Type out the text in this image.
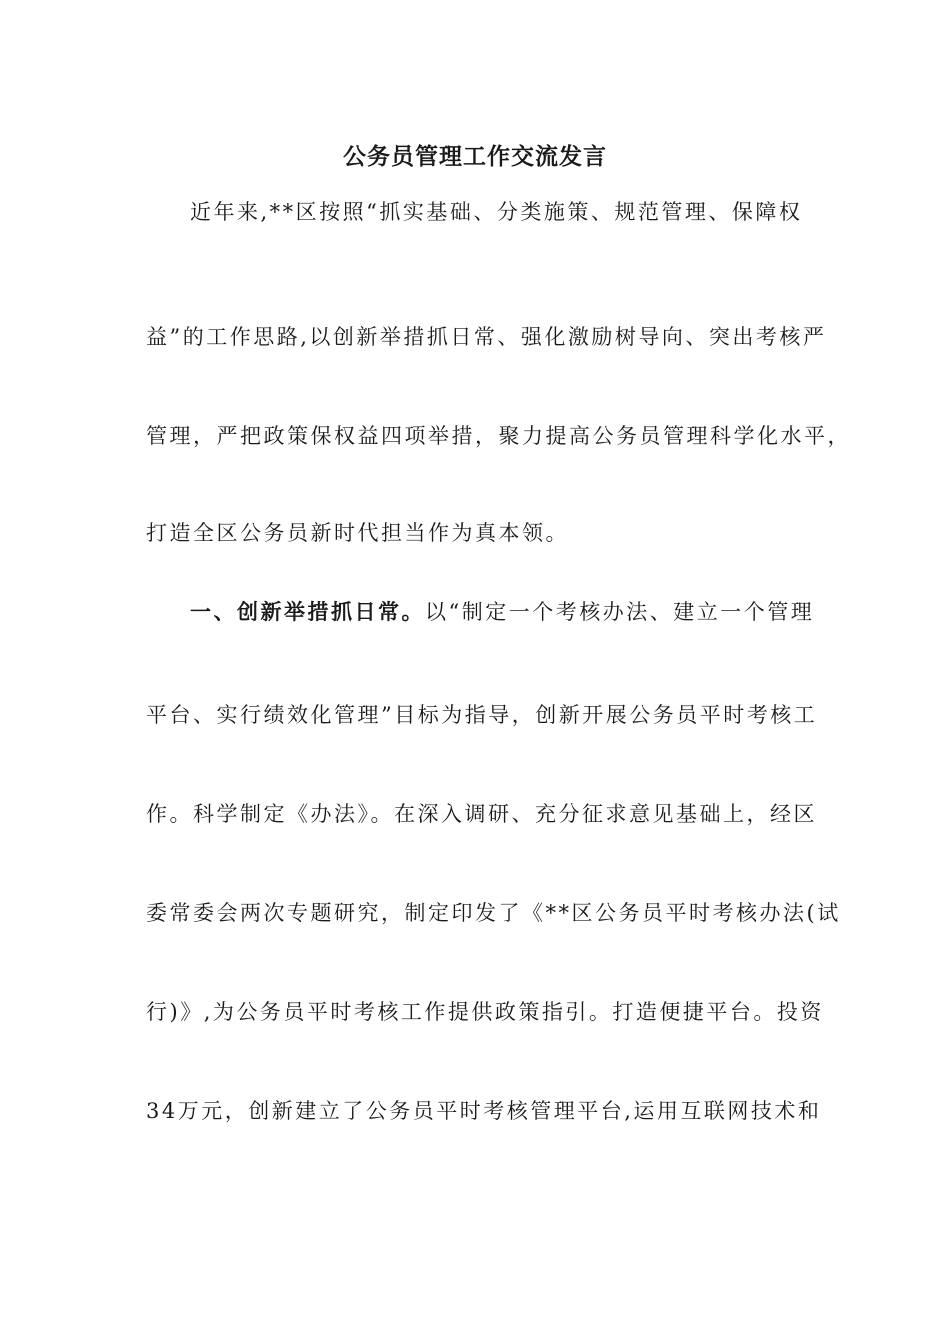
公务员管理工作交流发言

近年来,**区按照“抓实基础、分类施策、规范管理、保障权

益”的工作思路,以创新举措抓日常、强化激励树导向、突出考核严

管理，严把政策保权益四项举措，聚力提高公务员管理科学化水平，

打造全区公务员新时代担当作为真本领。

一、创新举措抓日常。以“制定一个考核办法、建立一个管理

平台、实行绩效化管理”目标为指导，创新开展公务员平时考核工

作。科学制定《办法》。在深入调研、充分征求意见基础上，经区

委常委会两次专题研究，制定印发了《**区公务员平时考核办法(试

行)》,为公务员平时考核工作提供政策指引。打造便捷平台。投资

34万元，创新建立了公务员平时考核管理平台,运用互联网技术和
